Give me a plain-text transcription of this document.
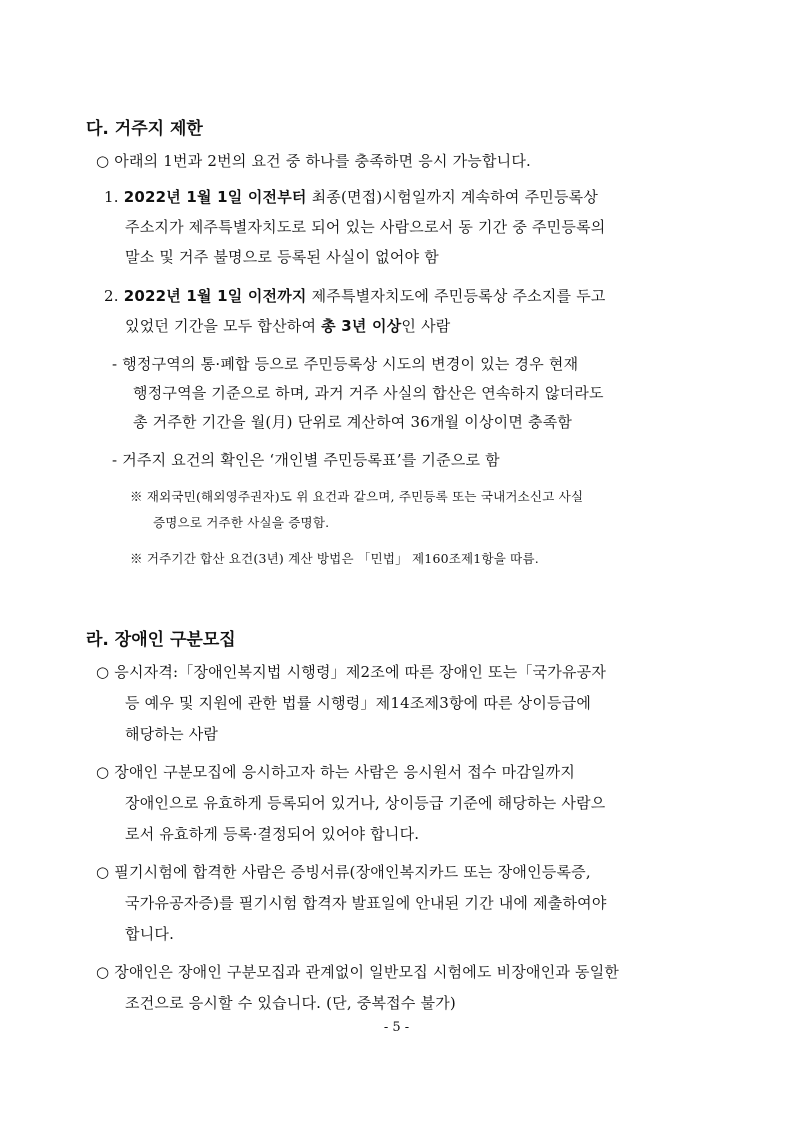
다. 거주지 제한
○ 아래의 1번과 2번의 요건 중 하나를 충족하면 응시 가능합니다.
1. 2022년 1월 1일 이전부터 최종(면접)시험일까지 계속하여 주민등록상
주소지가 제주특별자치도로 되어 있는 사람으로서 동 기간 중 주민등록의
말소 및 거주 불명으로 등록된 사실이 없어야 함
2. 2022년 1월 1일 이전까지 제주특별자치도에 주민등록상 주소지를 두고
있었던 기간을 모두 합산하여 총 3년 이상인 사람
- 행정구역의 통·폐합 등으로 주민등록상 시도의 변경이 있는 경우 현재
행정구역을 기준으로 하며, 과거 거주 사실의 합산은 연속하지 않더라도
총 거주한 기간을 월(月) 단위로 계산하여 36개월 이상이면 충족함
- 거주지 요건의 확인은 ‘개인별 주민등록표’를 기준으로 함
※ 재외국민(해외영주권자)도 위 요건과 같으며, 주민등록 또는 국내거소신고 사실
증명으로 거주한 사실을 증명함.
※ 거주기간 합산 요건(3년) 계산 방법은 「민법」 제160조제1항을 따름.
라. 장애인 구분모집
○ 응시자격:「장애인복지법 시행령」제2조에 따른 장애인 또는「국가유공자
등 예우 및 지원에 관한 법률 시행령」제14조제3항에 따른 상이등급에
해당하는 사람
○ 장애인 구분모집에 응시하고자 하는 사람은 응시원서 접수 마감일까지
장애인으로 유효하게 등록되어 있거나, 상이등급 기준에 해당하는 사람으
로서 유효하게 등록·결정되어 있어야 합니다.
○ 필기시험에 합격한 사람은 증빙서류(장애인복지카드 또는 장애인등록증,
국가유공자증)를 필기시험 합격자 발표일에 안내된 기간 내에 제출하여야
합니다.
○ 장애인은 장애인 구분모집과 관계없이 일반모집 시험에도 비장애인과 동일한
조건으로 응시할 수 있습니다. (단, 중복접수 불가)
- 5 -
